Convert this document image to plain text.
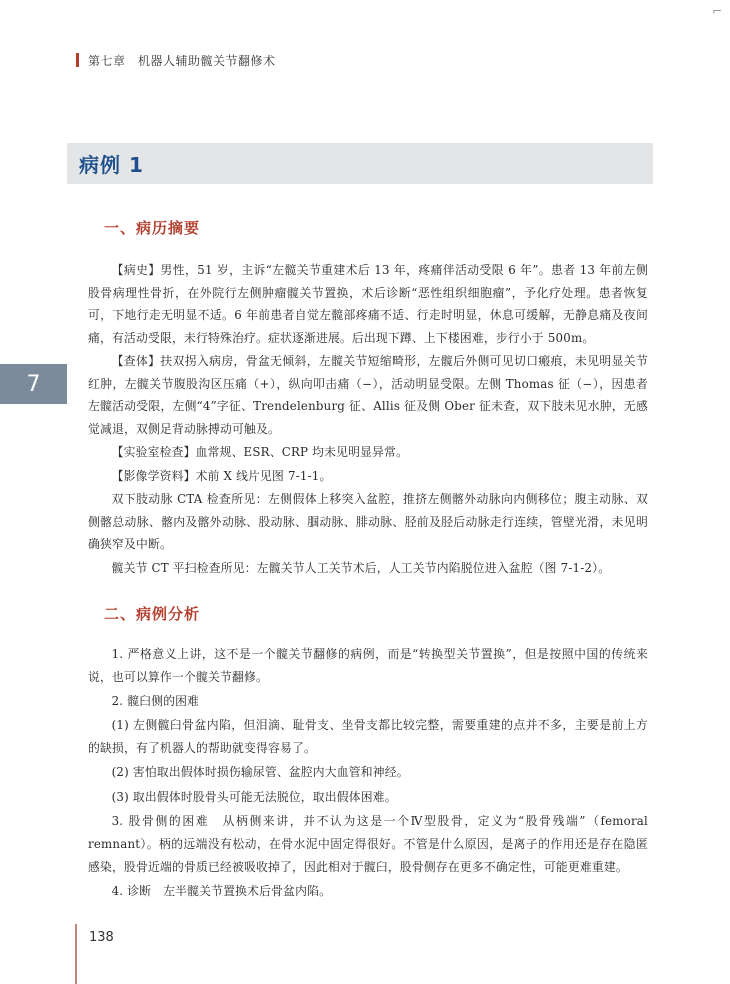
⌐
第七章　机器人辅助髋关节翻修术
病例 1
7
一、病历摘要

【病史】男性，51 岁，主诉“左髋关节重建术后 13 年，疼痛伴活动受限 6 年”。患者 13 年前左侧股骨病理性骨折，在外院行左侧肿瘤髋关节置换，术后诊断“恶性组织细胞瘤”，予化疗处理。患者恢复可，下地行走无明显不适。6 年前患者自觉左髋部疼痛不适、行走时明显，休息可缓解，无静息痛及夜间痛，有活动受限，未行特殊治疗。症状逐渐进展。后出现下蹲、上下楼困难，步行小于 500m。

【查体】扶双拐入病房，骨盆无倾斜，左髋关节短缩畸形，左髋后外侧可见切口瘢痕，未见明显关节红肿，左髋关节腹股沟区压痛（+），纵向叩击痛（−），活动明显受限。左侧 Thomas 征（−），因患者左髋活动受限，左侧“4”字征、Trendelenburg 征、Allis 征及侧 Ober 征未查，双下肢未见水肿，无感觉减退，双侧足背动脉搏动可触及。

【实验室检查】血常规、ESR、CRP 均未见明显异常。

【影像学资料】术前 X 线片见图 7-1-1。

双下肢动脉 CTA 检查所见：左侧假体上移突入盆腔，推挤左侧髂外动脉向内侧移位；腹主动脉、双侧髂总动脉、髂内及髂外动脉、股动脉、腘动脉、腓动脉、胫前及胫后动脉走行连续，管壁光滑，未见明确狭窄及中断。

髋关节 CT 平扫检查所见：左髋关节人工关节术后，人工关节内陷脱位进入盆腔（图 7-1-2）。

二、病例分析

1. 严格意义上讲，这不是一个髋关节翻修的病例，而是“转换型关节置换”，但是按照中国的传统来说，也可以算作一个髋关节翻修。

2. 髋臼侧的困难

(1) 左侧髋臼骨盆内陷，但泪滴、耻骨支、坐骨支都比较完整，需要重建的点并不多，主要是前上方的缺损，有了机器人的帮助就变得容易了。

(2) 害怕取出假体时损伤输尿管、盆腔内大血管和神经。

(3) 取出假体时股骨头可能无法脱位，取出假体困难。

3. 股骨侧的困难　从柄侧来讲，并不认为这是一个Ⅳ型股骨，定义为“股骨残端”（femoral remnant）。柄的远端没有松动，在骨水泥中固定得很好。不管是什么原因，是离子的作用还是存在隐匿感染，股骨近端的骨质已经被吸收掉了，因此相对于髋臼，股骨侧存在更多不确定性，可能更难重建。

4. 诊断　左半髋关节置换术后骨盆内陷。

138
